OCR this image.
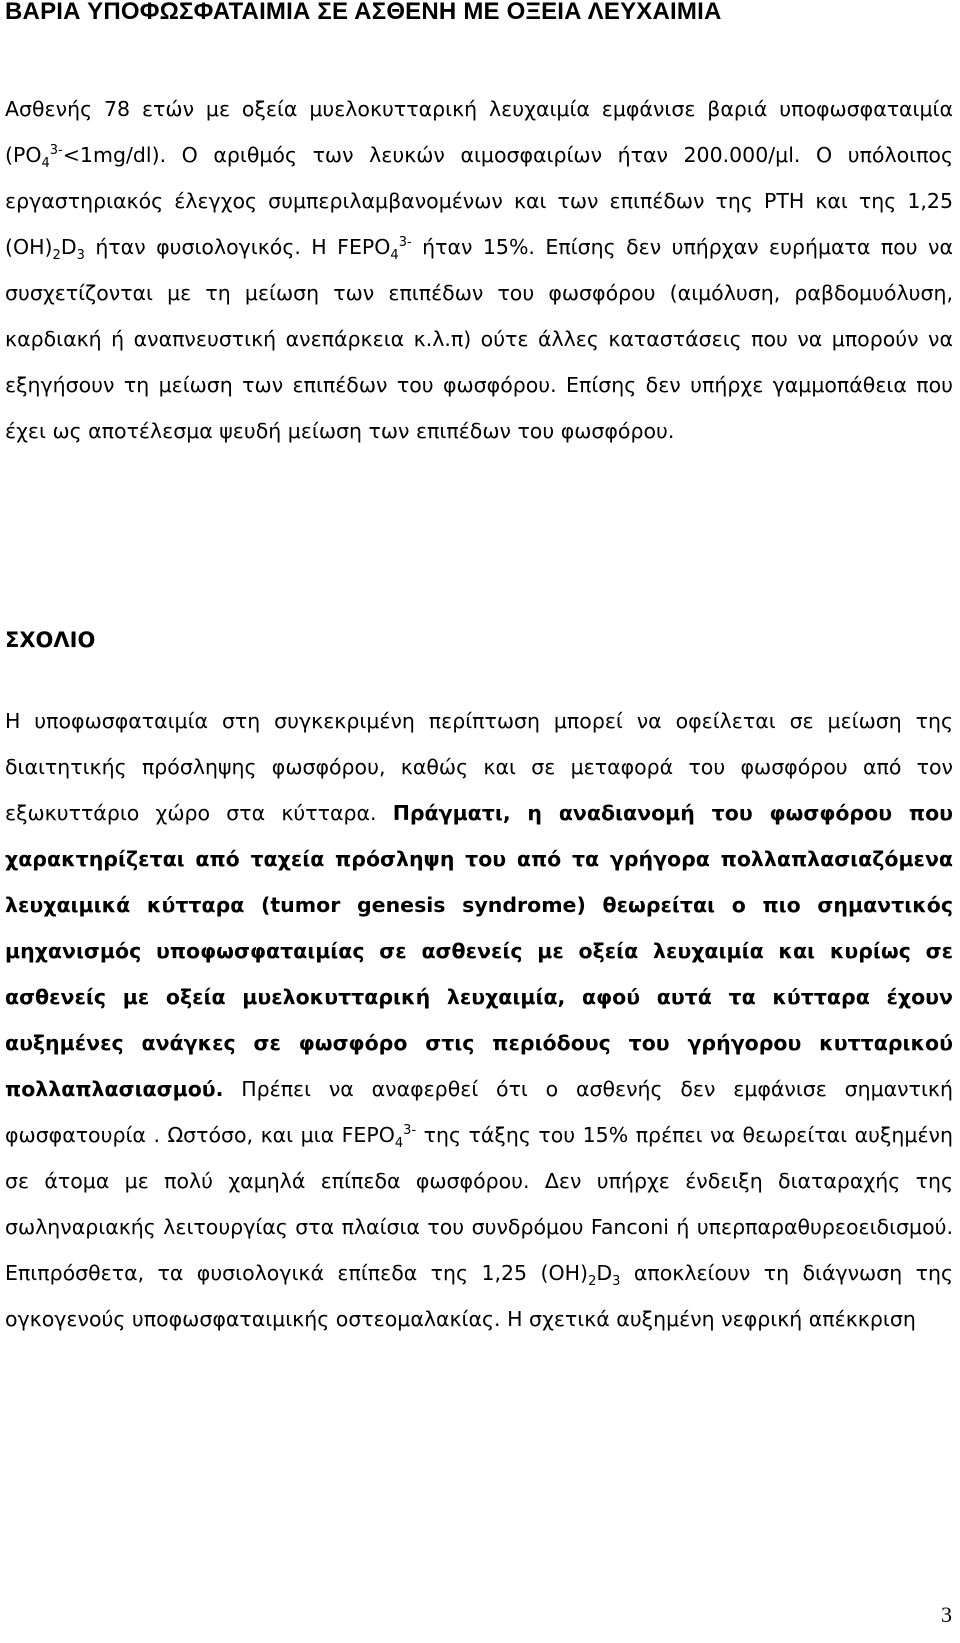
ΒΑΡΙΑ ΥΠΟΦΩΣΦΑΤΑΙΜΙΑ ΣΕ ΑΣΘΕΝΗ ΜΕ ΟΞΕΙΑ ΛΕΥΧΑΙΜΙΑ

Ασθενής 78 ετών με οξεία μυελοκυτταρική λευχαιμία εμφάνισε βαριά υποφωσφαταιμία $(PO_4^{3-}<1mg/dl)$. Ο αριθμός των λευκών αιμοσφαιρίων ήταν 200.000/μl. Ο υπόλοιπος εργαστηριακός έλεγχος συμπεριλαμβανομένων και των επιπέδων της PTH και της 1,25 $(OH)_2D_3$ ήταν φυσιολογικός. Η $FEPO_4^{3-}$ ήταν 15%. Επίσης δεν υπήρχαν ευρήματα που να συσχετίζονται με τη μείωση των επιπέδων του φωσφόρου (αιμόλυση, ραβδομυόλυση, καρδιακή ή αναπνευστική ανεπάρκεια κ.λ.π) ούτε άλλες καταστάσεις που να μπορούν να εξηγήσουν τη μείωση των επιπέδων του φωσφόρου. Επίσης δεν υπήρχε γαμμοπάθεια που έχει ως αποτέλεσμα ψευδή μείωση των επιπέδων του φωσφόρου.

ΣΧΟΛΙΟ

Η υποφωσφαταιμία στη συγκεκριμένη περίπτωση μπορεί να οφείλεται σε μείωση της διαιτητικής πρόσληψης φωσφόρου, καθώς και σε μεταφορά του φωσφόρου από τον εξωκυττάριο χώρο στα κύτταρα. Πράγματι, η αναδιανομή του φωσφόρου που χαρακτηρίζεται από ταχεία πρόσληψη του από τα γρήγορα πολλαπλασιαζόμενα λευχαιμικά κύτταρα (tumor genesis syndrome) θεωρείται ο πιο σημαντικός μηχανισμός υποφωσφαταιμίας σε ασθενείς με οξεία λευχαιμία και κυρίως σε ασθενείς με οξεία μυελοκυτταρική λευχαιμία, αφού αυτά τα κύτταρα έχουν αυξημένες ανάγκες σε φωσφόρο στις περιόδους του γρήγορου κυτταρικού πολλαπλασιασμού. Πρέπει να αναφερθεί ότι ο ασθενής δεν εμφάνισε σημαντική φωσφατουρία . Ωστόσο, και μια $FEPO_4^{3-}$ της τάξης του 15% πρέπει να θεωρείται αυξημένη σε άτομα με πολύ χαμηλά επίπεδα φωσφόρου. Δεν υπήρχε ένδειξη διαταραχής της σωληναριακής λειτουργίας στα πλαίσια του συνδρόμου Fanconi ή υπερπαραθυρεοειδισμού. Επιπρόσθετα, τα φυσιολογικά επίπεδα της 1,25 $(OH)_2D_3$ αποκλείουν τη διάγνωση της ογκογενούς υποφωσφαταιμικής οστεομαλακίας. Η σχετικά αυξημένη νεφρική απέκκριση

3
